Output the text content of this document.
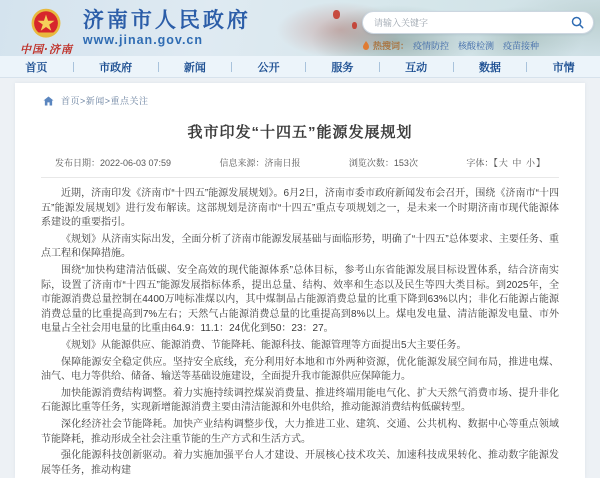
中国·济南
济南市人民政府
www.jinan.gov.cn
请输入关键字	热搜词： 疫情防控 核酸检测 疫苗接种
首页	市政府	新闻	公开	服务	互动	数据	市情
首页>新闻>重点关注
我市印发“十四五”能源发展规划
发布日期：2022-06-03 07:59	信息来源：济南日报	浏览次数：153次	字体：【大 中 小】

近期，济南印发《济南市“十四五”能源发展规划》。6月2日，济南市委市政府新闻发布会召开，围绕《济南市“十四五”能源发展规划》进行发布解读。这部规划是济南市“十四五”重点专项规划之一，是未来一个时期济南市现代能源体系建设的重要指引。

《规划》从济南实际出发，全面分析了济南市能源发展基础与面临形势，明确了“十四五”总体要求、主要任务、重点工程和保障措施。

围绕“加快构建清洁低碳、安全高效的现代能源体系”总体目标，参考山东省能源发展目标设置体系，结合济南实际，设置了济南市“十四五”能源发展指标体系，提出总量、结构、效率和生态以及民生等四大类目标。到2025年，全市能源消费总量控制在4400万吨标准煤以内，其中煤制品占能源消费总量的比重下降到63%以内；非化石能源占能源消费总量的比重提高到7%左右；天然气占能源消费总量的比重提高到8%以上。煤电发电量、清洁能源发电量、市外电量占全社会用电量的比重由64.9：11.1：24优化到50：23：27。

《规划》从能源供应、能源消费、节能降耗、能源科技、能源管理等方面提出5大主要任务。

保障能源安全稳定供应。坚持安全底线，充分利用好本地和市外两种资源，优化能源发展空间布局，推进电煤、油气、电力等供给、储备、输送等基础设施建设，全面提升我市能源供应保障能力。

加快能源消费结构调整。着力实施持续调控煤炭消费量、推进终端用能电气化、扩大天然气消费市场、提升非化石能源比重等任务，实现新增能源消费主要由清洁能源和外电供给，推动能源消费结构低碳转型。

深化经济社会节能降耗。加快产业结构调整步伐，大力推进工业、建筑、交通、公共机构、数据中心等重点领域节能降耗，推动形成全社会注重节能的生产方式和生活方式。

强化能源科技创新驱动。着力实施加强平台人才建设、开展核心技术攻关、加速科技成果转化、推动数字能源发展等任务，推动构建
